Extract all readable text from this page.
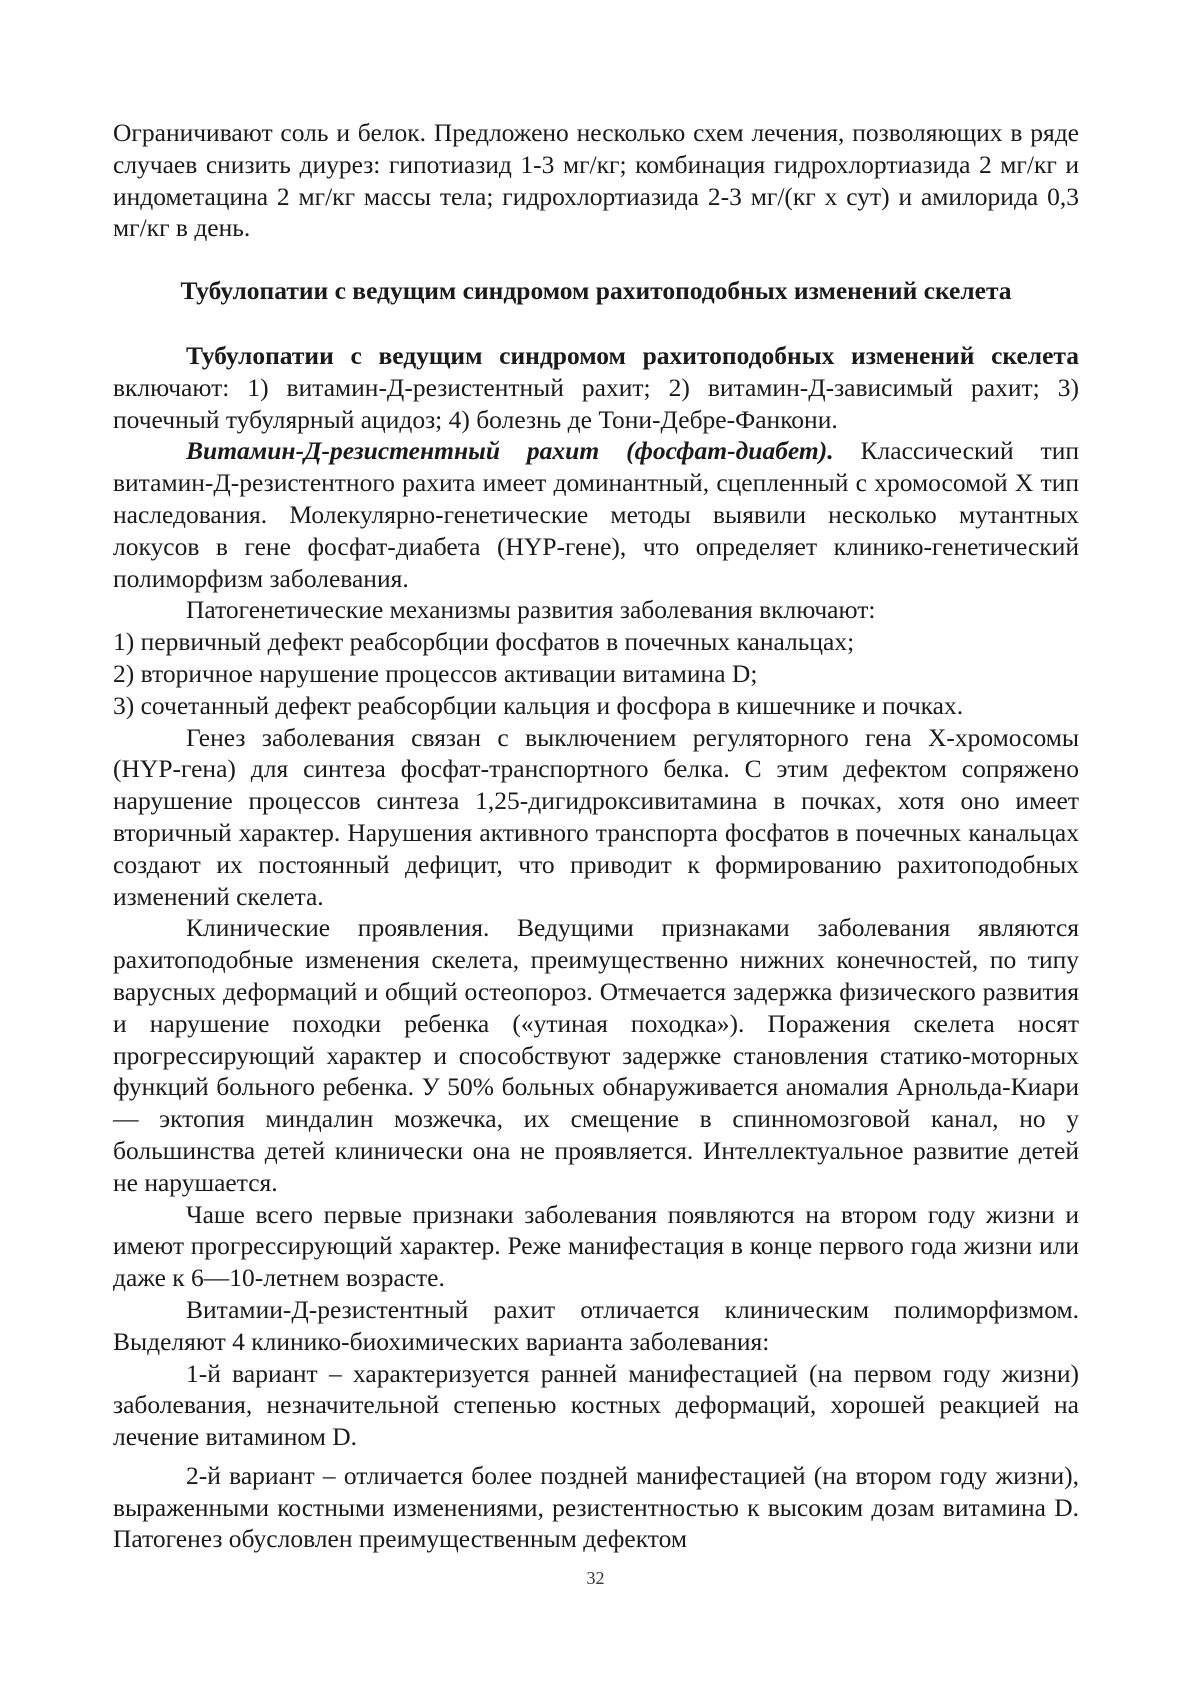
Ограничивают соль и белок. Предложено несколько схем лечения, позволяющих в ряде случаев снизить диурез: гипотиазид 1-3 мг/кг; комбинация гидрохлортиазида 2 мг/кг и индометацина 2 мг/кг массы тела; гидрохлортиазида 2-3 мг/(кг х сут) и амилорида 0,3 мг/кг в день.

Тубулопатии с ведущим синдромом рахитоподобных изменений скелета

Тубулопатии с ведущим синдромом рахитоподобных изменений скелета включают: 1) витамин-Д-резистентный рахит; 2) витамин-Д-зависимый рахит; 3) почечный тубулярный ацидоз; 4) болезнь де Тони-Дебре-Фанкони.

Витамин-Д-резистентный рахит (фосфат-диабет). Классический тип витамин-Д-резистентного рахита имеет доминантный, сцепленный с хромосомой X тип наследования. Молекулярно-генетические методы выявили несколько мутантных локусов в гене фосфат-диабета (HYP-гене), что определяет клинико-генетический полиморфизм заболевания.

Патогенетические механизмы развития заболевания включают:

1) первичный дефект реабсорбции фосфатов в почечных канальцах;

2) вторичное нарушение процессов активации витамина D;

3) сочетанный дефект реабсорбции кальция и фосфора в кишечнике и почках.

Генез заболевания связан с выключением регуляторного гена Х-хромосомы (HYP-гена) для синтеза фосфат-транспортного белка. С этим дефектом сопряжено нарушение процессов синтеза 1,25-дигидроксивитамина в почках, хотя оно имеет вторичный характер. Нарушения активного транспорта фосфатов в почечных канальцах создают их постоянный дефицит, что приводит к формированию рахитоподобных изменений скелета.

Клинические проявления. Ведущими признаками заболевания являются рахитоподобные изменения скелета, преимущественно нижних конечностей, по типу варусных деформаций и общий остеопороз. Отмечается задержка физического развития и нарушение походки ребенка («утиная походка»). Поражения скелета носят прогрессирующий характер и способствуют задержке становления статико-моторных функций больного ребенка. У 50% больных обнаруживается аномалия Арнольда-Киари — эктопия миндалин мозжечка, их смещение в спинномозговой канал, но у большинства детей клинически она не проявляется. Интеллектуальное развитие детей не нарушается.

Чаше всего первые признаки заболевания появляются на втором году жизни и имеют прогрессирующий характер. Реже манифестация в конце первого года жизни или даже к 6—10-летнем возрасте.

Витамии-Д-резистентный рахит отличается клиническим полиморфизмом. Выделяют 4 клинико-биохимических варианта заболевания:

1-й вариант – характеризуется ранней манифестацией (на первом году жизни) заболевания, незначительной степенью костных деформаций, хорошей реакцией на лечение витамином D.

2-й вариант – отличается более поздней манифестацией (на втором году жизни), выраженными костными изменениями, резистентностью к высоким дозам витамина D. Патогенез обусловлен преимущественным дефектом

32
